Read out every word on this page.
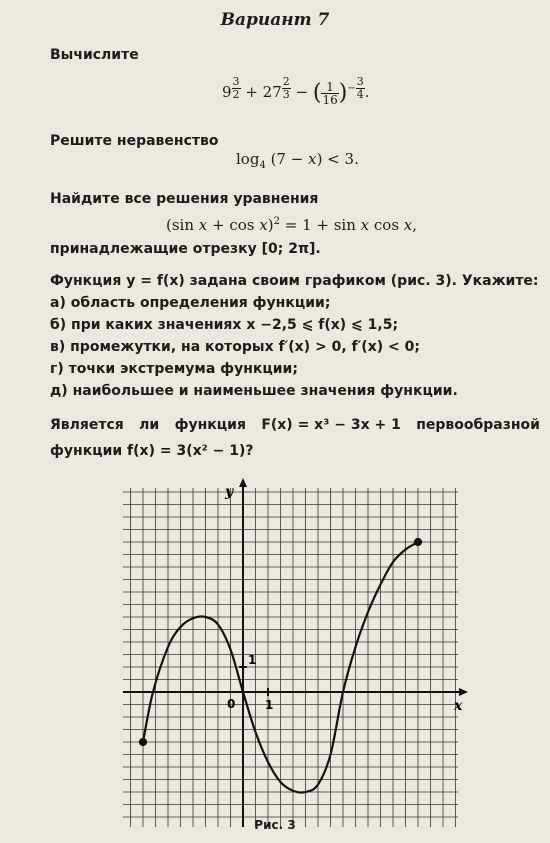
Вариант 7
Вычислите
9 $^{\frac{3}{2}}$ + 27 $^{\frac{2}{3}}$ − ( $\frac{1}{16} )^{- \frac{3}{4}}$ .
Решите неравенство
$\log_4 (7 - x) < 3$.
Найдите все решения уравнения
(sin x + cos x)$^2$ = 1 + sin x cos x,
принадлежащие отрезку [0; 2π].
Функция y = f(x) задана своим графиком (рис. 3). Укажите:
а) область определения функции;
б) при каких значениях x −2,5 ⩽ f(x) ⩽ 1,5;
в) промежутки, на которых f′(x) > 0, f′(x) < 0;
г) точки экстремума функции;
д) наибольшее и наименьшее значения функции.
Является ли функция F(x) = x³ − 3x + 1 первообразной
функции f(x) = 3(x² − 1)?
y
x
0 1
1
Рис. 3
